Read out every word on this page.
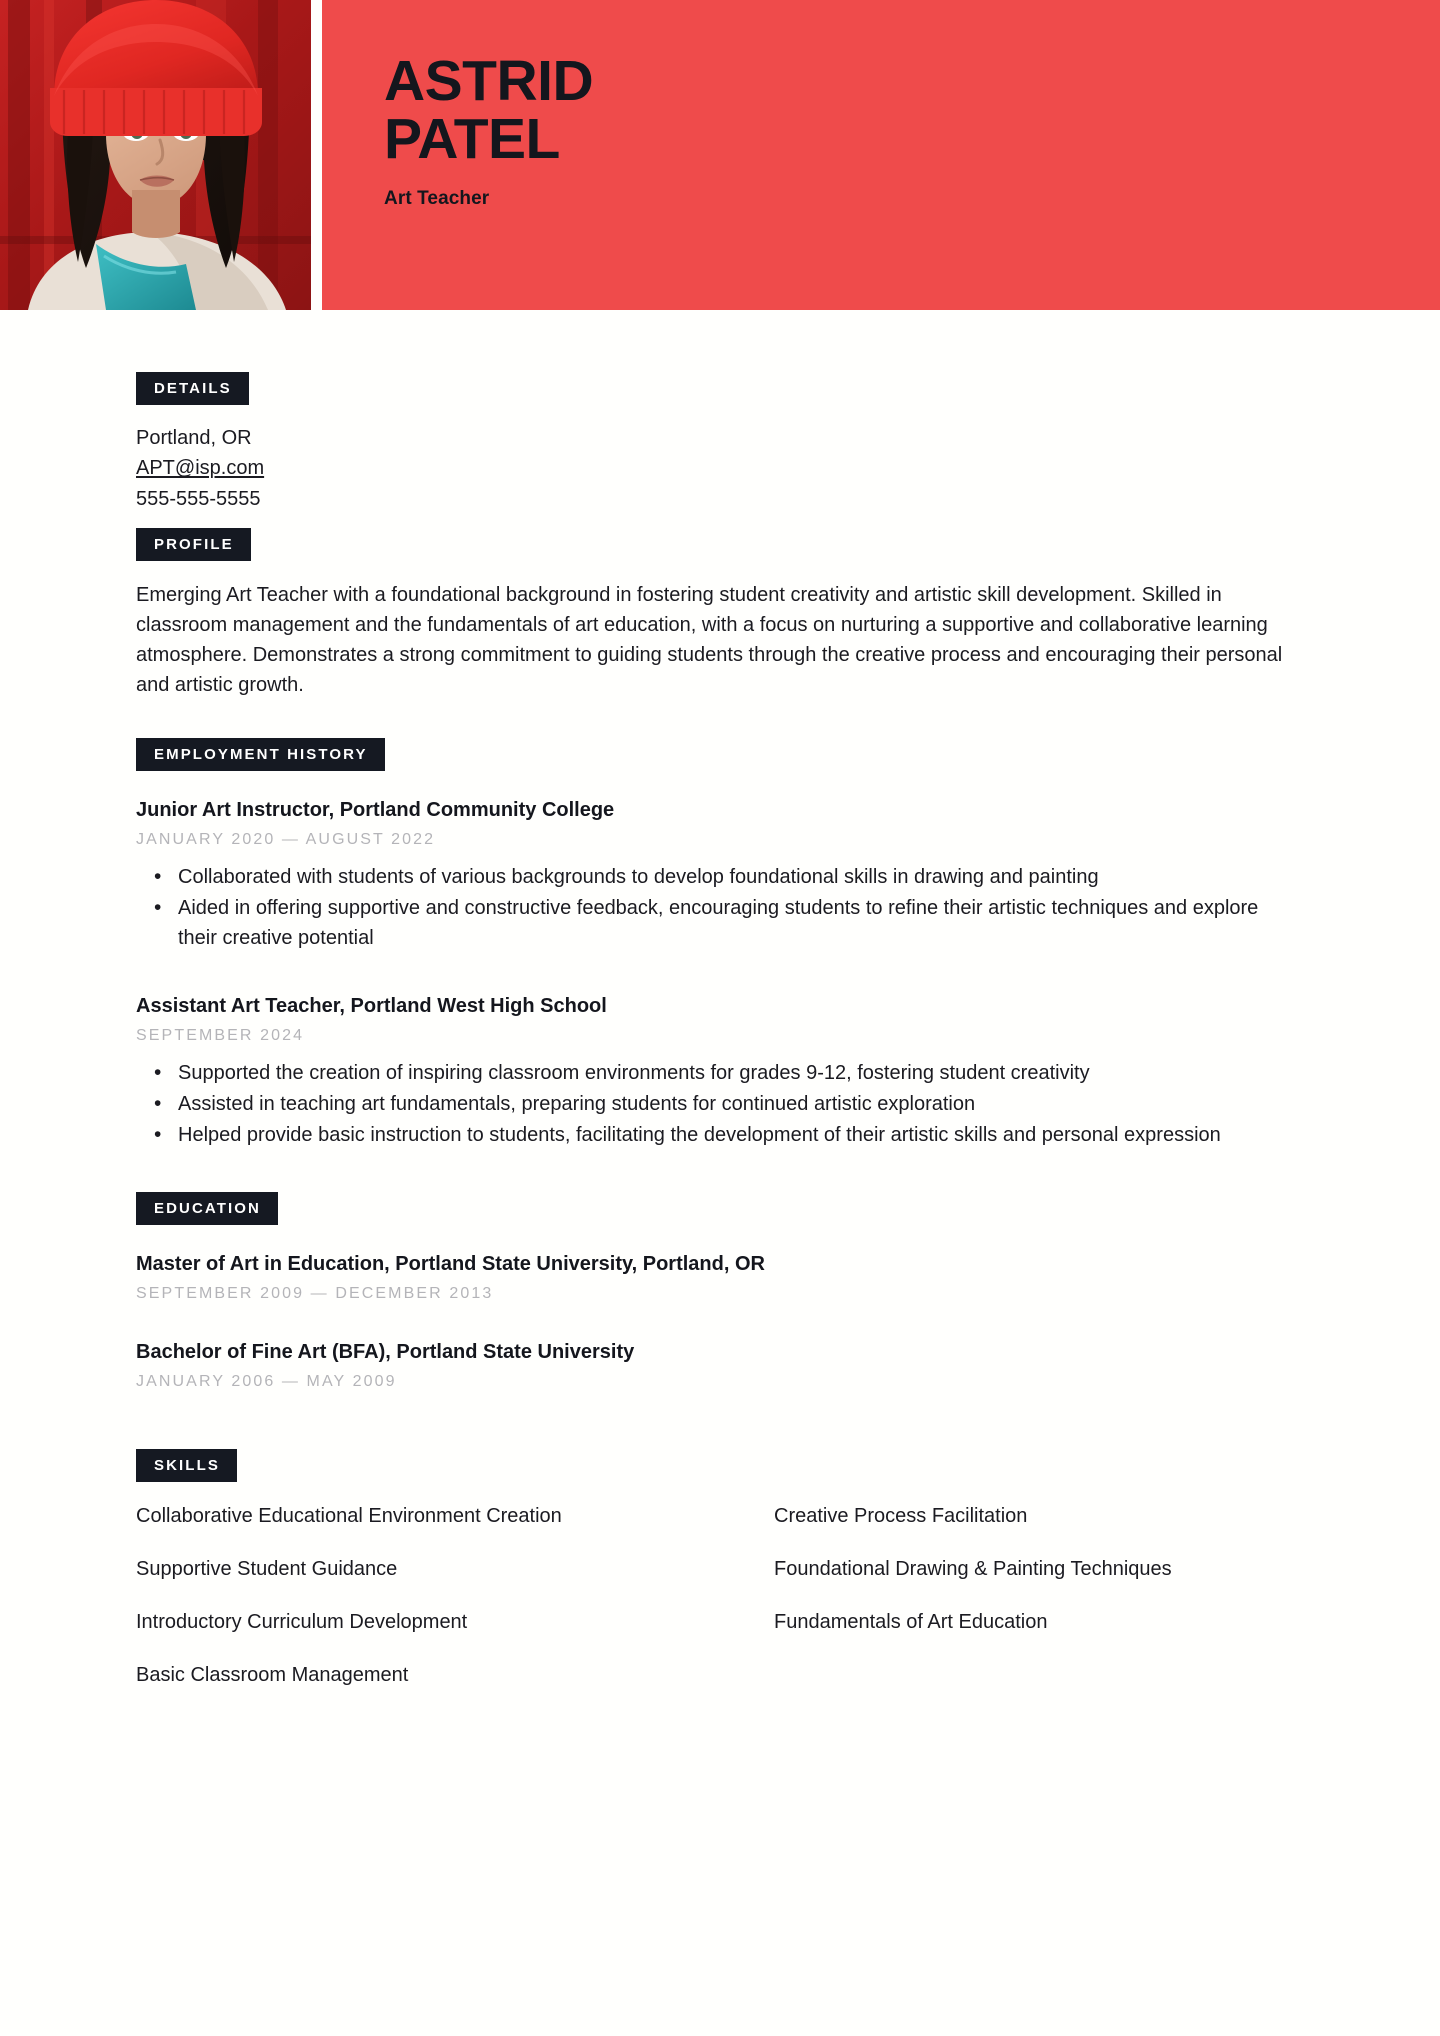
ASTRID
PATEL
Art Teacher
DETAILS
Portland, OR
APT@isp.com
555-555-5555
PROFILE

Emerging Art Teacher with a foundational background in fostering student creativity and artistic skill development. Skilled in classroom management and the fundamentals of art education, with a focus on nurturing a supportive and collaborative learning atmosphere. Demonstrates a strong commitment to guiding students through the creative process and encouraging their personal and artistic growth.

EMPLOYMENT HISTORY
Junior Art Instructor, Portland Community College
JANUARY 2020 — AUGUST 2022
• Collaborated with students of various backgrounds to develop foundational skills in drawing and painting
• Aided in offering supportive and constructive feedback, encouraging students to refine their artistic techniques and explore their creative potential
Assistant Art Teacher, Portland West High School
SEPTEMBER 2024
• Supported the creation of inspiring classroom environments for grades 9-12, fostering student creativity
• Assisted in teaching art fundamentals, preparing students for continued artistic exploration
• Helped provide basic instruction to students, facilitating the development of their artistic skills and personal expression
EDUCATION
Master of Art in Education, Portland State University, Portland, OR
SEPTEMBER 2009 — DECEMBER 2013
Bachelor of Fine Art (BFA), Portland State University
JANUARY 2006 — MAY 2009
SKILLS
Collaborative Educational Environment Creation	Creative Process Facilitation
Supportive Student Guidance	Foundational Drawing & Painting Techniques
Introductory Curriculum Development	Fundamentals of Art Education
Basic Classroom Management
